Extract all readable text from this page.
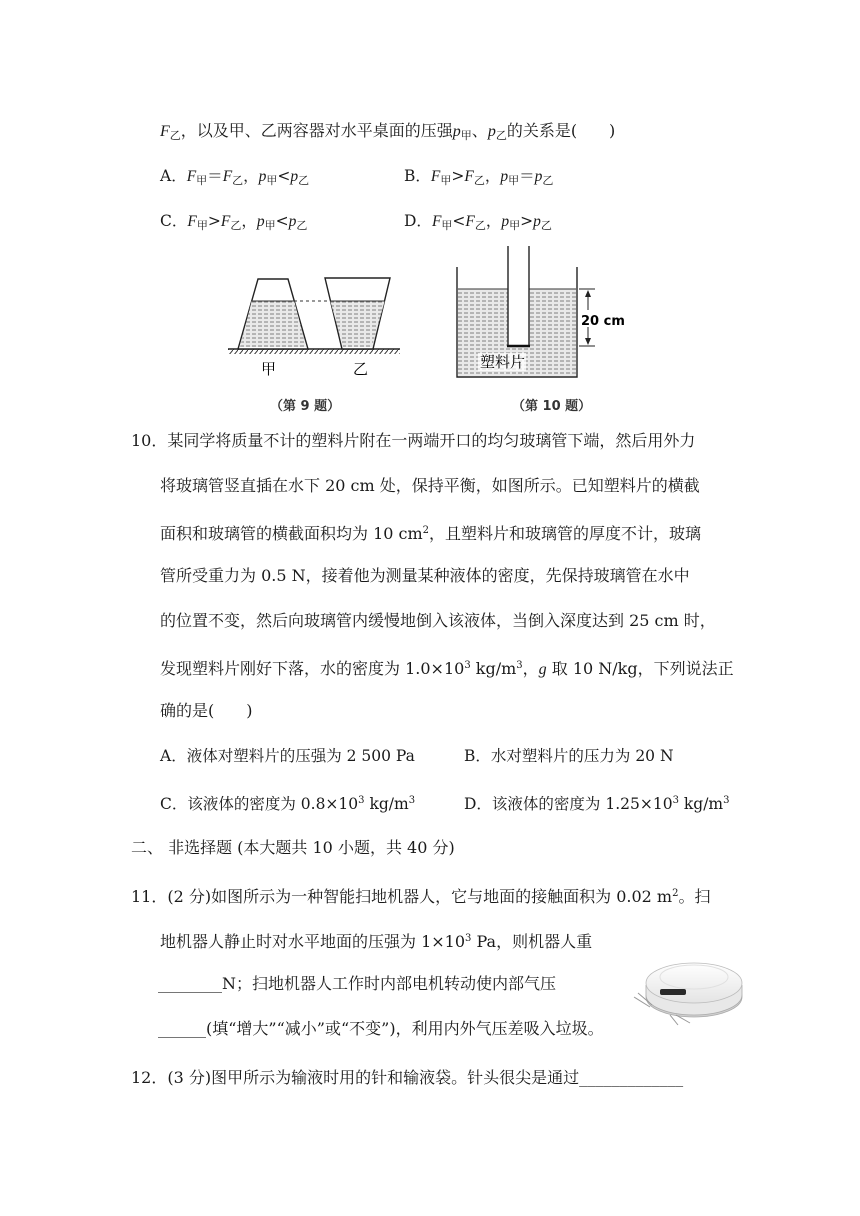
$F_乙$，以及甲、乙两容器对水平桌面的压强$p_甲$、$p_乙$的关系是(　　)
A．$F_甲=F_乙$，$p_甲<p_乙$	B．$F_甲>F_乙$，$p_甲=p_乙$
C．$F_甲>F_乙$，$p_甲<p_乙$	D．$F_甲<F_乙$，$p_甲>p_乙$
甲	乙
（第 9 题）
20 cm
塑料片
（第 10 题）
10．某同学将质量不计的塑料片附在一两端开口的均匀玻璃管下端，然后用外力
将玻璃管竖直插在水下 20 cm 处，保持平衡，如图所示。已知塑料片的横截
面积和玻璃管的横截面积均为 10 $cm^2$，且塑料片和玻璃管的厚度不计，玻璃
管所受重力为 0.5 N，接着他为测量某种液体的密度，先保持玻璃管在水中
的位置不变，然后向玻璃管内缓慢地倒入该液体，当倒入深度达到 25 cm 时，
发现塑料片刚好下落，水的密度为 $1.0\times 10^3$ $kg/m^3$，g 取 10 N/kg，下列说法正
确的是(　　)
A．液体对塑料片的压强为 2 500 Pa	B．水对塑料片的压力为 20 N
C．该液体的密度为 $0.8\times 10^3$ $kg/m^3$	D．该液体的密度为 $1.25\times 10^3$ $kg/m^3$
二、 非选择题 (本大题共 10 小题，共 40 分)
11．(2 分)如图所示为一种智能扫地机器人，它与地面的接触面积为 0.02 $m^2$。扫
地机器人静止时对水平地面的压强为 $1\times 10^3$ Pa，则机器人重
________N；扫地机器人工作时内部电机转动使内部气压
______(填“增大”“减小”或“不变”)，利用内外气压差吸入垃圾。
12．(3 分)图甲所示为输液时用的针和输液袋。针头很尖是通过_____________
